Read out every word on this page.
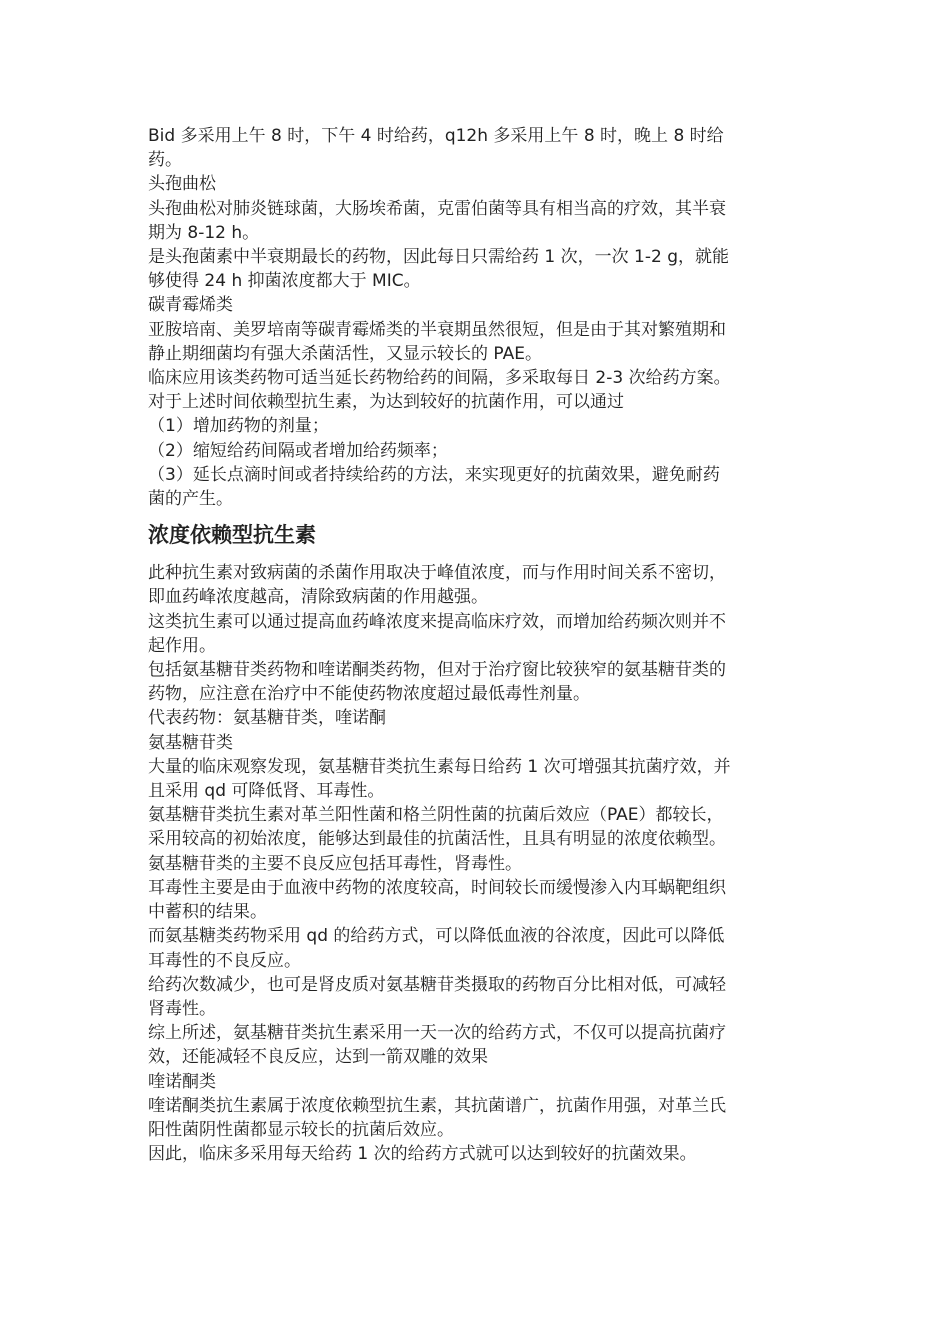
Bid 多采用上午 8 时，下午 4 时给药，q12h 多采用上午 8 时，晚上 8 时给
药。
头孢曲松
头孢曲松对肺炎链球菌，大肠埃希菌，克雷伯菌等具有相当高的疗效，其半衰
期为 8-12 h。
是头孢菌素中半衰期最长的药物，因此每日只需给药 1 次，一次 1-2 g，就能
够使得 24 h 抑菌浓度都大于 MIC。
碳青霉烯类
亚胺培南、美罗培南等碳青霉烯类的半衰期虽然很短，但是由于其对繁殖期和
静止期细菌均有强大杀菌活性，又显示较长的 PAE。
临床应用该类药物可适当延长药物给药的间隔，多采取每日 2-3 次给药方案。
对于上述时间依赖型抗生素，为达到较好的抗菌作用，可以通过
（1）增加药物的剂量；
（2）缩短给药间隔或者增加给药频率；
（3）延长点滴时间或者持续给药的方法，来实现更好的抗菌效果，避免耐药
菌的产生。
浓度依赖型抗生素
此种抗生素对致病菌的杀菌作用取决于峰值浓度，而与作用时间关系不密切，
即血药峰浓度越高，清除致病菌的作用越强。
这类抗生素可以通过提高血药峰浓度来提高临床疗效，而增加给药频次则并不
起作用。
包括氨基糖苷类药物和喹诺酮类药物，但对于治疗窗比较狭窄的氨基糖苷类的
药物，应注意在治疗中不能使药物浓度超过最低毒性剂量。
代表药物：氨基糖苷类，喹诺酮
氨基糖苷类
大量的临床观察发现，氨基糖苷类抗生素每日给药 1 次可增强其抗菌疗效，并
且采用 qd 可降低肾、耳毒性。
氨基糖苷类抗生素对革兰阳性菌和格兰阴性菌的抗菌后效应（PAE）都较长，
采用较高的初始浓度，能够达到最佳的抗菌活性，且具有明显的浓度依赖型。
氨基糖苷类的主要不良反应包括耳毒性，肾毒性。
耳毒性主要是由于血液中药物的浓度较高，时间较长而缓慢渗入内耳蜗靶组织
中蓄积的结果。
而氨基糖类药物采用 qd 的给药方式，可以降低血液的谷浓度，因此可以降低
耳毒性的不良反应。
给药次数减少，也可是肾皮质对氨基糖苷类摄取的药物百分比相对低，可减轻
肾毒性。
综上所述，氨基糖苷类抗生素采用一天一次的给药方式，不仅可以提高抗菌疗
效，还能减轻不良反应，达到一箭双雕的效果
喹诺酮类
喹诺酮类抗生素属于浓度依赖型抗生素，其抗菌谱广，抗菌作用强，对革兰氏
阳性菌阴性菌都显示较长的抗菌后效应。
因此，临床多采用每天给药 1 次的给药方式就可以达到较好的抗菌效果。
